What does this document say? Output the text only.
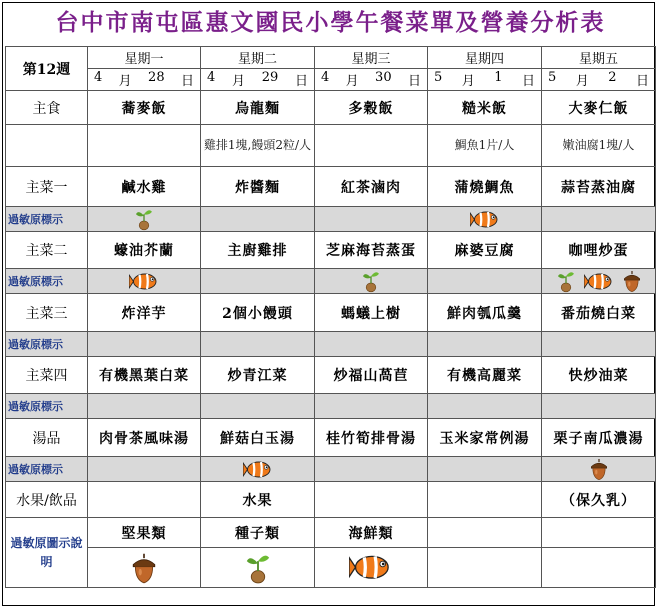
台中市南屯區惠文國民小學午餐菜單及營養分析表
第12週	星期一	星期二	星期三	星期四	星期五

	4 月 28 日	4 月 29 日	4 月 30 日	5 月 1 日	5 月 2 日

主食	蕎麥飯	烏龍麵	多穀飯	糙米飯	大麥仁飯
		雞排1塊,饅頭2粒/人		鯛魚1片/人	嫩油腐1塊/人
主菜一	鹹水雞	炸醬麵	紅茶滷肉	蒲燒鯛魚	蒜苔蒸油腐
過敏原標示	

主菜二	蠔油芥蘭	主廚雞排	芝麻海苔蒸蛋	麻婆豆腐	咖哩炒蛋
過敏原標示	

主菜三	炸洋芋	2個小饅頭	螞蟻上樹	鮮肉瓠瓜羹	番茄燒白菜
過敏原標示					
主菜四	有機黑葉白菜	炒青江菜	炒福山萵苣	有機高麗菜	快炒油菜
過敏原標示					
湯品	肉骨茶風味湯	鮮菇白玉湯	桂竹筍排骨湯	玉米家常例湯	栗子南瓜濃湯
過敏原標示		

水果/飲品		水果			（保久乳）
過敏原圖示說明	堅果類	種子類	海鮮類		
